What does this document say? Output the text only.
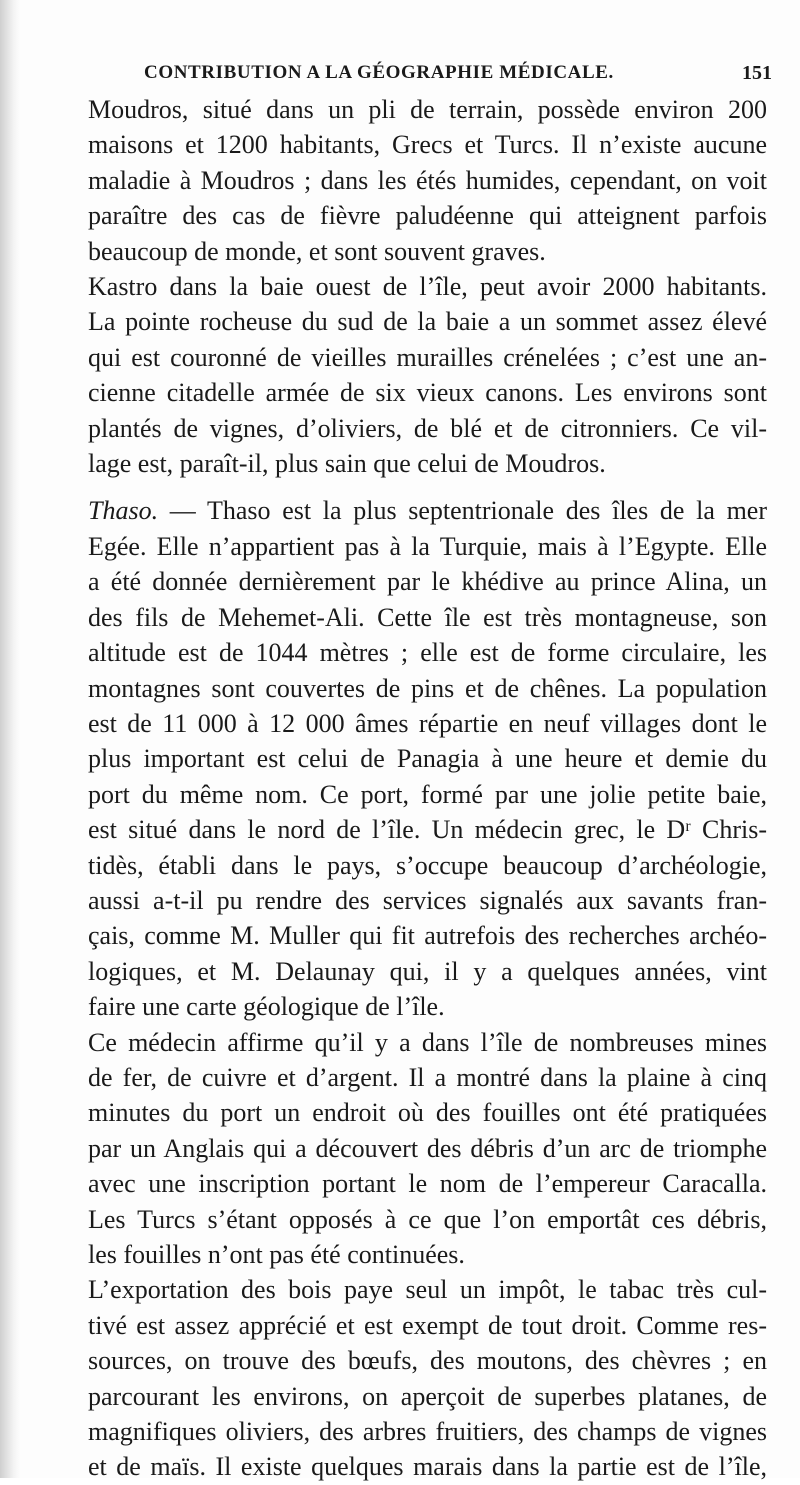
CONTRIBUTION A LA GÉOGRAPHIE MÉDICALE.	151

Moudros, situé dans un pli de terrain, possède environ 200
maisons et 1200 habitants, Grecs et Turcs. Il n’existe aucune
maladie à Moudros ; dans les étés humides, cependant, on voit
paraître des cas de fièvre paludéenne qui atteignent parfois
beaucoup de monde, et sont souvent graves.

Kastro dans la baie ouest de l’île, peut avoir 2000 habitants.
La pointe rocheuse du sud de la baie a un sommet assez élevé
qui est couronné de vieilles murailles crénelées ; c’est une an-
cienne citadelle armée de six vieux canons. Les environs sont
plantés de vignes, d’oliviers, de blé et de citronniers. Ce vil-
lage est, paraît-il, plus sain que celui de Moudros.

Thaso. — Thaso est la plus septentrionale des îles de la mer
Egée. Elle n’appartient pas à la Turquie, mais à l’Egypte. Elle
a été donnée dernièrement par le khédive au prince Alina, un
des fils de Mehemet-Ali. Cette île est très montagneuse, son
altitude est de 1044 mètres ; elle est de forme circulaire, les
montagnes sont couvertes de pins et de chênes. La population
est de 11 000 à 12 000 âmes répartie en neuf villages dont le
plus important est celui de Panagia à une heure et demie du
port du même nom. Ce port, formé par une jolie petite baie,
est situé dans le nord de l’île. Un médecin grec, le Dʳ Chris-
tidès, établi dans le pays, s’occupe beaucoup d’archéologie,
aussi a-t-il pu rendre des services signalés aux savants fran-
çais, comme M. Muller qui fit autrefois des recherches archéo-
logiques, et M. Delaunay qui, il y a quelques années, vint
faire une carte géologique de l’île.

Ce médecin affirme qu’il y a dans l’île de nombreuses mines
de fer, de cuivre et d’argent. Il a montré dans la plaine à cinq
minutes du port un endroit où des fouilles ont été pratiquées
par un Anglais qui a découvert des débris d’un arc de triomphe
avec une inscription portant le nom de l’empereur Caracalla.
Les Turcs s’étant opposés à ce que l’on emportât ces débris,
les fouilles n’ont pas été continuées.

L’exportation des bois paye seul un impôt, le tabac très cul-
tivé est assez apprécié et est exempt de tout droit. Comme res-
sources, on trouve des bœufs, des moutons, des chèvres ; en
parcourant les environs, on aperçoit de superbes platanes, de
magnifiques oliviers, des arbres fruitiers, des champs de vignes
et de maïs. Il existe quelques marais dans la partie est de l’île,
